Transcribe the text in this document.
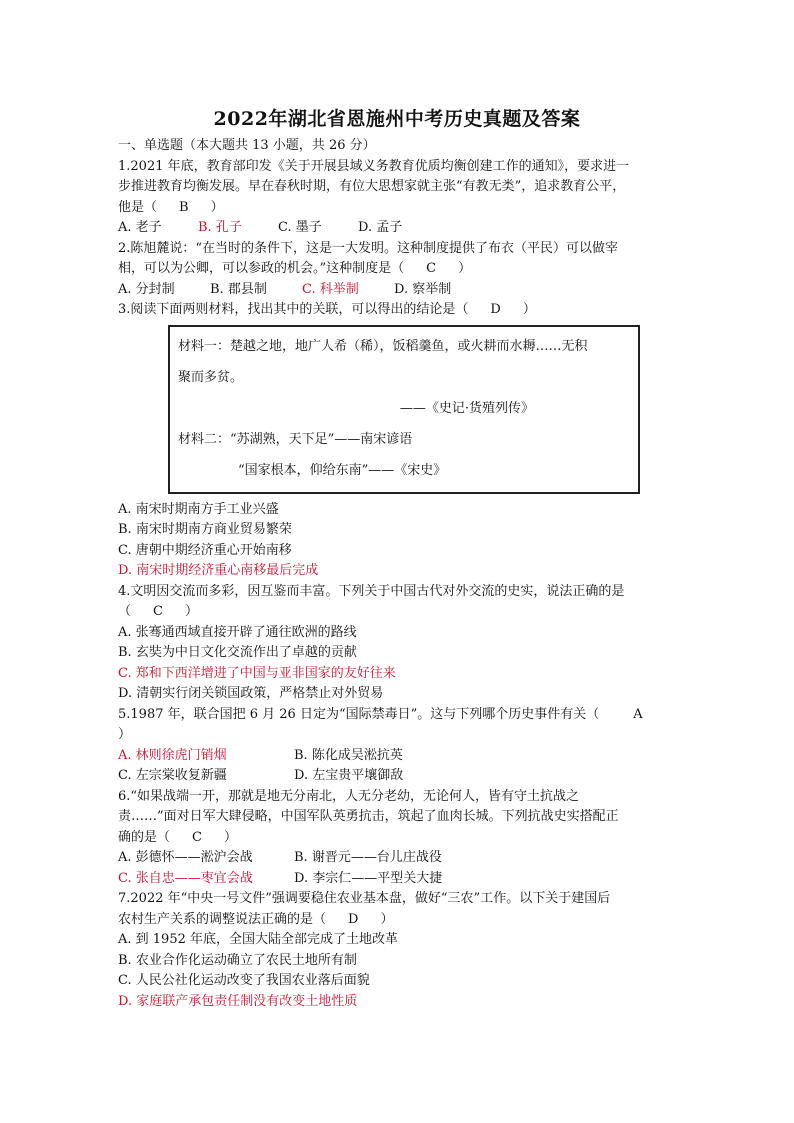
2022年湖北省恩施州中考历史真题及答案
一、单选题（本大题共 13 小题，共 26 分）
1.2021 年底，教育部印发《关于开展县域义务教育优质均衡创建工作的通知》，要求进一
步推进教育均衡发展。早在春秋时期，有位大思想家就主张“有教无类”，追求教育公平，
他是（ B ）
A. 老子	B. 孔子	C. 墨子	D. 孟子
2.陈旭麓说：“在当时的条件下，这是一大发明。这种制度提供了布衣（平民）可以做宰
相，可以为公卿，可以参政的机会。”这种制度是（ C ）
A. 分封制	B. 郡县制	C. 科举制	D. 察举制
3.阅读下面两则材料，找出其中的关联，可以得出的结论是（ D ）
材料一：楚越之地，地广人希（稀），饭稻羹鱼，或火耕而水耨……无积
聚而多贫。
——《史记·货殖列传》
材料二：“苏湖熟，天下足”——南宋谚语
“国家根本，仰给东南”——《宋史》
A. 南宋时期南方手工业兴盛
B. 南宋时期南方商业贸易繁荣
C. 唐朝中期经济重心开始南移
D. 南宋时期经济重心南移最后完成
4.文明因交流而多彩，因互鉴而丰富。下列关于中国古代对外交流的史实，说法正确的是
（ C ）
A. 张骞通西域直接开辟了通往欧洲的路线
B. 玄奘为中日文化交流作出了卓越的贡献
C. 郑和下西洋增进了中国与亚非国家的友好往来
D. 清朝实行闭关锁国政策，严格禁止对外贸易
5.1987 年，联合国把 6 月 26 日定为“国际禁毒日”。这与下列哪个历史事件有关（	A
）
A. 林则徐虎门销烟	B. 陈化成吴淞抗英
C. 左宗棠收复新疆	D. 左宝贵平壤御敌
6.“如果战端一开，那就是地无分南北，人无分老幼，无论何人，皆有守土抗战之
责……”面对日军大肆侵略，中国军队英勇抗击，筑起了血肉长城。下列抗战史实搭配正
确的是（ C ）
A. 彭德怀——淞沪会战	B. 谢晋元——台儿庄战役
C. 张自忠——枣宜会战	D. 李宗仁——平型关大捷
7.2022 年“中央一号文件”强调要稳住农业基本盘，做好“三农”工作。以下关于建国后
农村生产关系的调整说法正确的是（ D ）
A. 到 1952 年底，全国大陆全部完成了土地改革
B. 农业合作化运动确立了农民土地所有制
C. 人民公社化运动改变了我国农业落后面貌
D. 家庭联产承包责任制没有改变土地性质
